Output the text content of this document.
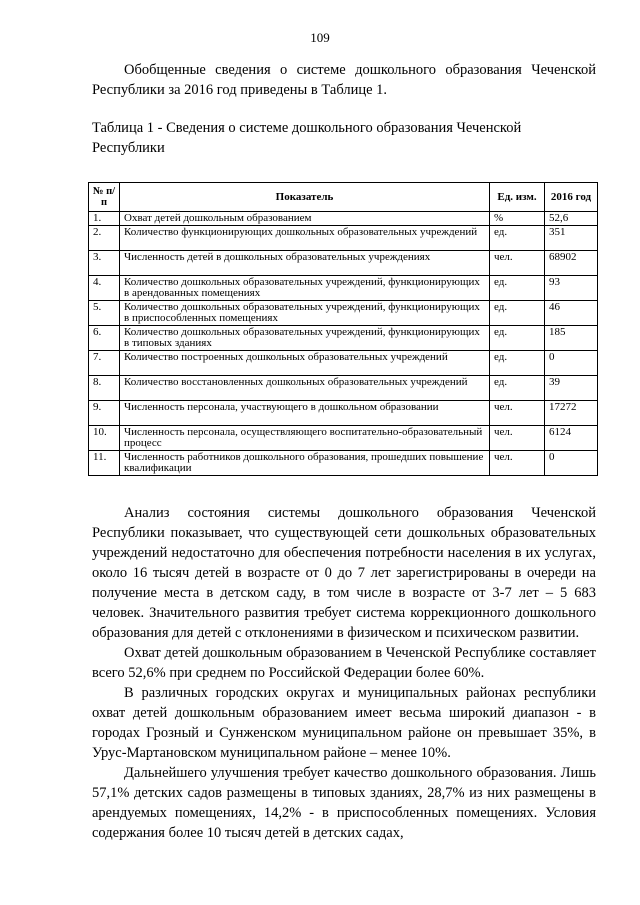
109

Обобщенные сведения о системе дошкольного образования Чеченской Республики за 2016 год приведены в Таблице 1.

Таблица 1 - Сведения о системе дошкольного образования Чеченской Республики

№ п/п	Показатель	Ед. изм.	2016 год
1.	Охват детей дошкольным образованием	%	52,6
2.	Количество функционирующих дошкольных образовательных учреждений	ед.	351
3.	Численность детей в дошкольных образовательных учреждениях	чел.	68902
4.	Количество дошкольных образовательных учреждений, функционирующих в арендованных помещениях	ед.	93
5.	Количество дошкольных образовательных учреждений, функционирующих в приспособленных помещениях	ед.	46
6.	Количество дошкольных образовательных учреждений, функционирующих в типовых зданиях	ед.	185
7.	Количество построенных дошкольных образовательных учреждений	ед.	0
8.	Количество восстановленных дошкольных образовательных учреждений	ед.	39
9.	Численность персонала, участвующего в дошкольном образовании	чел.	17272
10.	Численность персонала, осуществляющего воспитательно-образовательный процесс	чел.	6124
11.	Численность работников дошкольного образования, прошедших повышение квалификации	чел.	0

Анализ состояния системы дошкольного образования Чеченской Республики показывает, что существующей сети дошкольных образовательных учреждений недостаточно для обеспечения потребности населения в их услугах, около 16 тысяч детей в возрасте от 0 до 7 лет зарегистрированы в очереди на получение места в детском саду, в том числе в возрасте от 3-7 лет – 5 683 человек. Значительного развития требует система коррекционного дошкольного образования для детей с отклонениями в физическом и психическом развитии.

Охват детей дошкольным образованием в Чеченской Республике составляет всего 52,6% при среднем по Российской Федерации более 60%.

В различных городских округах и муниципальных районах республики охват детей дошкольным образованием имеет весьма широкий диапазон - в городах Грозный и Сунженском муниципальном районе он превышает 35%, в Урус-Мартановском муниципальном районе – менее 10%.

Дальнейшего улучшения требует качество дошкольного образования. Лишь 57,1% детских садов размещены в типовых зданиях, 28,7% из них размещены в арендуемых помещениях, 14,2% - в приспособленных помещениях. Условия содержания более 10 тысяч детей в детских садах,
